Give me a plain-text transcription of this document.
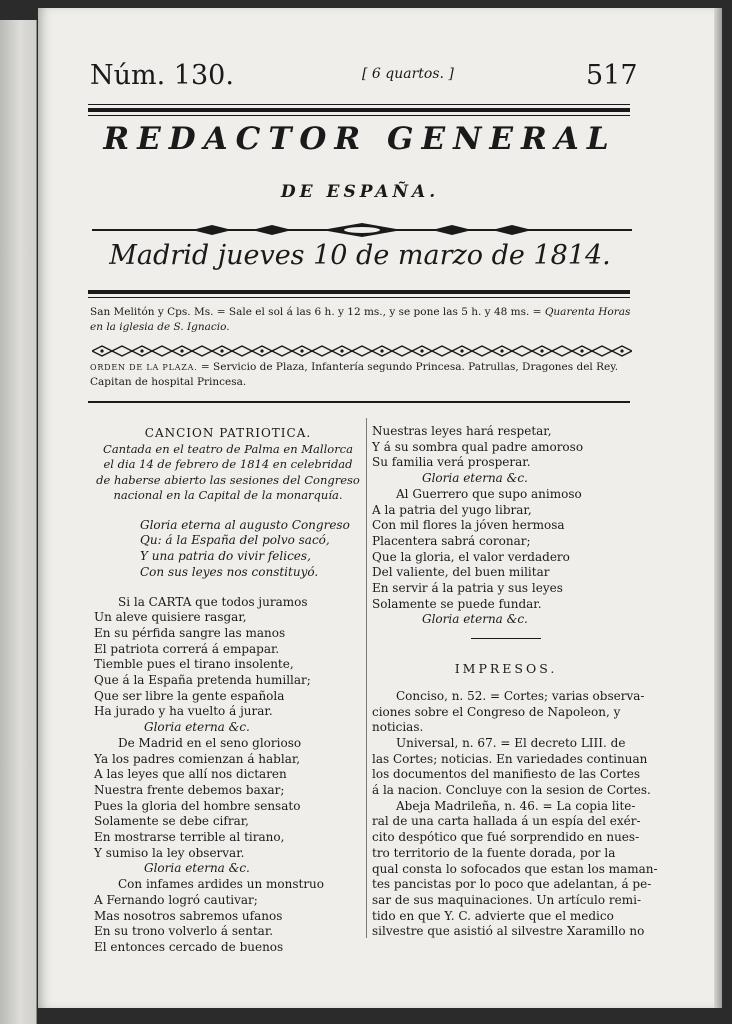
Núm. 130.	[ 6 quartos. ]	517
REDACTOR GENERAL
DE ESPAÑA.
Madrid jueves 10 de marzo de 1814.
San Melitón y Cps. Ms. = Sale el sol á las 6 h. y 12 ms., y se pone las 5 h. y 48 ms. = Quarenta Horas en la iglesia de S. Ignacio.
ORDEN DE LA PLAZA. = Servicio de Plaza, Infantería segundo Princesa. Patrullas, Dragones del Rey. Capitan de hospital Princesa.
CANCION PATRIOTICA.
Cantada en el teatro de Palma en Mallorca
el dia 14 de febrero de 1814 en celebridad
de haberse abierto las sesiones del Congreso
nacional en la Capital de la monarquía.
Gloria eterna al augusto Congreso
Qu: á la España del polvo sacó,
Y una patria do vivir felices,
Con sus leyes nos constituyó.
Si la CARTA que todos juramos
Un aleve quisiere rasgar,
En su pérfida sangre las manos
El patriota correrá á empapar.
Tiemble pues el tirano insolente,
Que á la España pretenda humillar;
Que ser libre la gente española
Ha jurado y ha vuelto á jurar.
Gloria eterna &c.
De Madrid en el seno glorioso
Ya los padres comienzan á hablar,
A las leyes que allí nos dictaren
Nuestra frente debemos baxar;
Pues la gloria del hombre sensato
Solamente se debe cifrar,
En mostrarse terrible al tirano,
Y sumiso la ley observar.
Gloria eterna &c.
Con infames ardides un monstruo
A Fernando logró cautivar;
Mas nosotros sabremos ufanos
En su trono volverlo á sentar.
El entonces cercado de buenos
Nuestras leyes hará respetar,
Y á su sombra qual padre amoroso
Su familia verá prosperar.
Gloria eterna &c.
Al Guerrero que supo animoso
A la patria del yugo librar,
Con mil flores la jóven hermosa
Placentera sabrá coronar;
Que la gloria, el valor verdadero
Del valiente, del buen militar
En servir á la patria y sus leyes
Solamente se puede fundar.
Gloria eterna &c.
IMPRESOS.
Conciso, n. 52. = Cortes; varias observa-
ciones sobre el Congreso de Napoleon, y
noticias.
Universal, n. 67. = El decreto LIII. de
las Cortes; noticias. En variedades continuan
los documentos del manifiesto de las Cortes
á la nacion. Concluye con la sesion de Cortes.
Abeja Madrileña, n. 46. = La copia lite-
ral de una carta hallada á un espía del exér-
cito despótico que fué sorprendido en nues-
tro territorio de la fuente dorada, por la
qual consta lo sofocados que estan los maman-
tes pancistas por lo poco que adelantan, á pe-
sar de sus maquinaciones. Un artículo remi-
tido en que Y. C. advierte que el medico
silvestre que asistió al silvestre Xaramillo no
